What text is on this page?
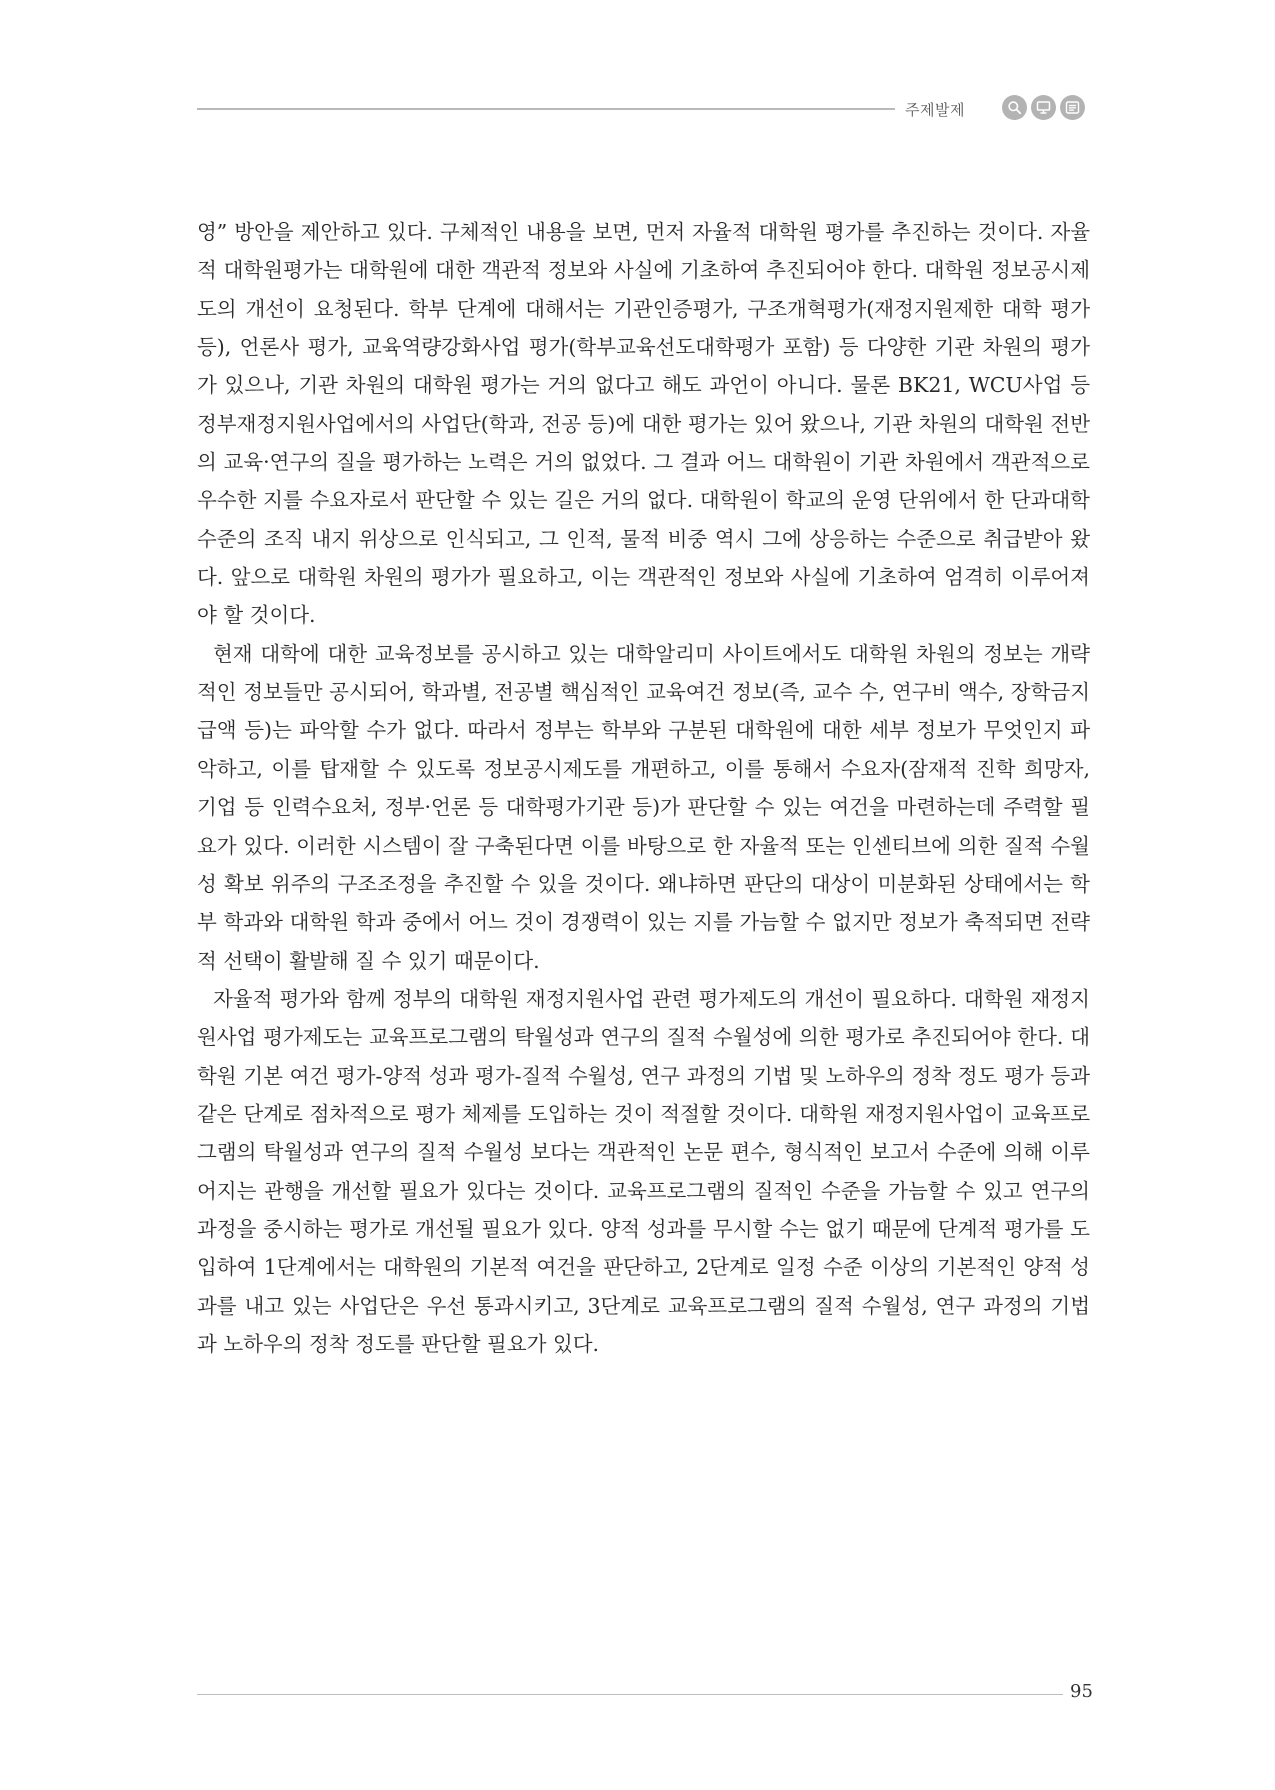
주제발제

영” 방안을 제안하고 있다. 구체적인 내용을 보면, 먼저 자율적 대학원 평가를 추진하는 것이다. 자율적 대학원평가는 대학원에 대한 객관적 정보와 사실에 기초하여 추진되어야 한다. 대학원 정보공시제도의 개선이 요청된다. 학부 단계에 대해서는 기관인증평가, 구조개혁평가(재정지원제한 대학 평가 등), 언론사 평가, 교육역량강화사업 평가(학부교육선도대학평가 포함) 등 다양한 기관 차원의 평가가 있으나, 기관 차원의 대학원 평가는 거의 없다고 해도 과언이 아니다. 물론 BK21, WCU사업 등 정부재정지원사업에서의 사업단(학과, 전공 등)에 대한 평가는 있어 왔으나, 기관 차원의 대학원 전반의 교육·연구의 질을 평가하는 노력은 거의 없었다. 그 결과 어느 대학원이 기관 차원에서 객관적으로 우수한 지를 수요자로서 판단할 수 있는 길은 거의 없다. 대학원이 학교의 운영 단위에서 한 단과대학 수준의 조직 내지 위상으로 인식되고, 그 인적, 물적 비중 역시 그에 상응하는 수준으로 취급받아 왔다. 앞으로 대학원 차원의 평가가 필요하고, 이는 객관적인 정보와 사실에 기초하여 엄격히 이루어져야 할 것이다.

현재 대학에 대한 교육정보를 공시하고 있는 대학알리미 사이트에서도 대학원 차원의 정보는 개략적인 정보들만 공시되어, 학과별, 전공별 핵심적인 교육여건 정보(즉, 교수 수, 연구비 액수, 장학금지급액 등)는 파악할 수가 없다. 따라서 정부는 학부와 구분된 대학원에 대한 세부 정보가 무엇인지 파악하고, 이를 탑재할 수 있도록 정보공시제도를 개편하고, 이를 통해서 수요자(잠재적 진학 희망자, 기업 등 인력수요처, 정부·언론 등 대학평가기관 등)가 판단할 수 있는 여건을 마련하는데 주력할 필요가 있다. 이러한 시스템이 잘 구축된다면 이를 바탕으로 한 자율적 또는 인센티브에 의한 질적 수월성 확보 위주의 구조조정을 추진할 수 있을 것이다. 왜냐하면 판단의 대상이 미분화된 상태에서는 학부 학과와 대학원 학과 중에서 어느 것이 경쟁력이 있는 지를 가늠할 수 없지만 정보가 축적되면 전략적 선택이 활발해 질 수 있기 때문이다.

자율적 평가와 함께 정부의 대학원 재정지원사업 관련 평가제도의 개선이 필요하다. 대학원 재정지원사업 평가제도는 교육프로그램의 탁월성과 연구의 질적 수월성에 의한 평가로 추진되어야 한다. 대학원 기본 여건 평가-양적 성과 평가-질적 수월성, 연구 과정의 기법 및 노하우의 정착 정도 평가 등과 같은 단계로 점차적으로 평가 체제를 도입하는 것이 적절할 것이다. 대학원 재정지원사업이 교육프로그램의 탁월성과 연구의 질적 수월성 보다는 객관적인 논문 편수, 형식적인 보고서 수준에 의해 이루어지는 관행을 개선할 필요가 있다는 것이다. 교육프로그램의 질적인 수준을 가늠할 수 있고 연구의 과정을 중시하는 평가로 개선될 필요가 있다. 양적 성과를 무시할 수는 없기 때문에 단계적 평가를 도입하여 1단계에서는 대학원의 기본적 여건을 판단하고, 2단계로 일정 수준 이상의 기본적인 양적 성과를 내고 있는 사업단은 우선 통과시키고, 3단계로 교육프로그램의 질적 수월성, 연구 과정의 기법과 노하우의 정착 정도를 판단할 필요가 있다.

95
